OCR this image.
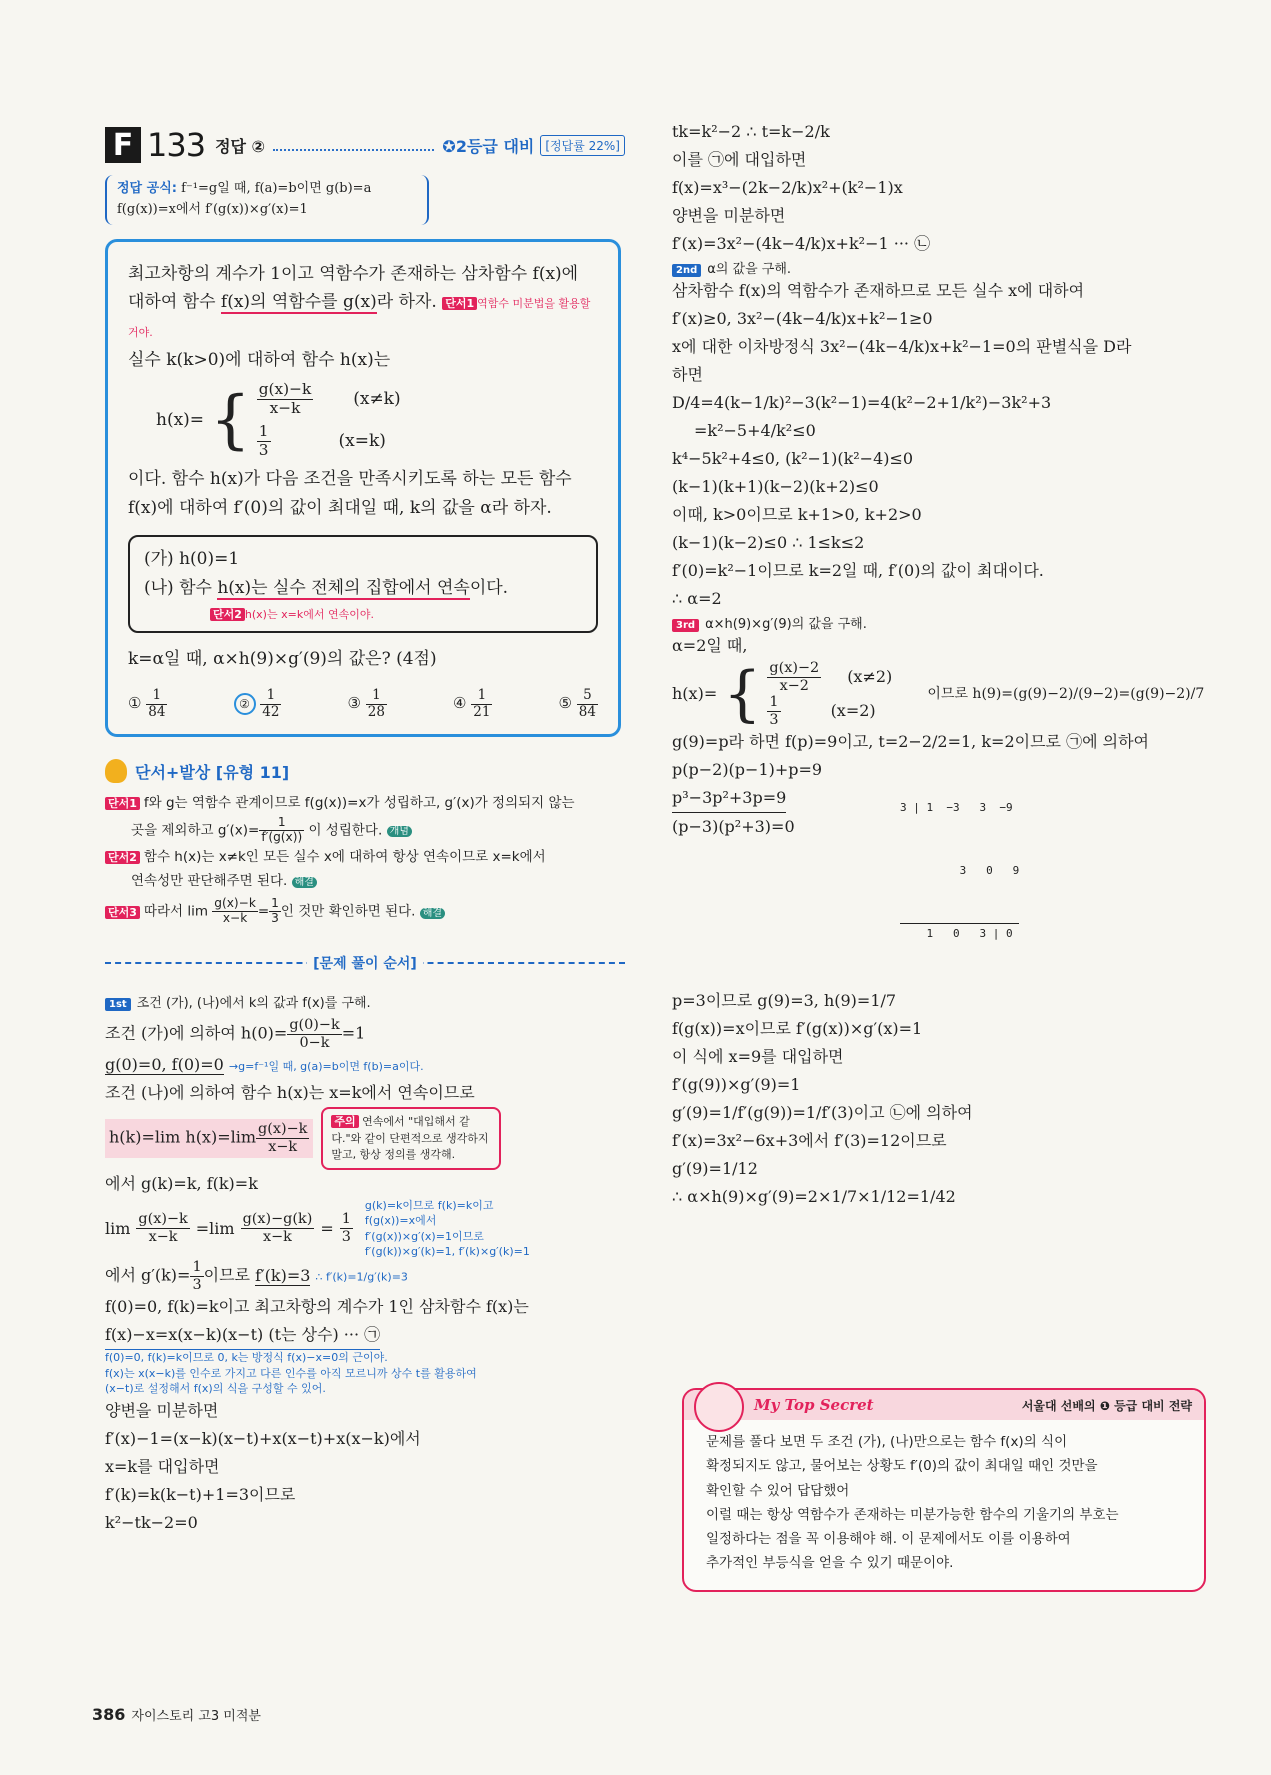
F 133 정답 ②	✪2등급 대비 [정답률 22%]
정답 공식: f⁻¹=g일 때, f(a)=b이면 g(b)=a
f(g(x))=x에서 f′(g(x))×g′(x)=1
최고차항의 계수가 1이고 역함수가 존재하는 삼차함수 f(x)에
대하여 함수 f(x)의 역함수를 g(x)라 하자. 단서1 역함수 미분법을 활용할 거야.
실수 k(k>0)에 대하여 함수 h(x)는
h(x)= { $\frac{g(x)-k}{x-k} (x\ne k)$
$\frac{1}{3}$	(x=k)
이다. 함수 h(x)가 다음 조건을 만족시키도록 하는 모든 함수
f(x)에 대하여 f′(0)의 값이 최대일 때, k의 값을 α라 하자.
(가) h(0)=1
(나) 함수 h(x)는 실수 전체의 집합에서 연속이다.
단서2 h(x)는 x=k에서 연속이야.
k=α일 때, α×h(9)×g′(9)의 값은? (4점)
① $\frac{1}{84}$	② $\frac{1}{42}$	③ $\frac{1}{28}$	④ $\frac{1}{21}$	⑤ $\frac{5}{84}$
단서+발상 [유형 11]
단서1 f와 g는 역함수 관계이므로 f(g(x))=x가 성립하고, g′(x)가 정의되지 않는
곳을 제외하고 $g'(x)= \frac{1}{f'(g(x))}$ 이 성립한다. 개념
단서2 함수 h(x)는 x≠k인 모든 실수 x에 대하여 항상 연속이므로 x=k에서
연속성만 판단해주면 된다. 해결
단서3 따라서 $\lim \frac{g(x)-k}{x-k} = \frac{1}{3}$ 인 것만 확인하면 된다. 해결
[문제 풀이 순서]
1st 조건 (가), (나)에서 k의 값과 f(x)를 구해.
조건 (가)에 의하여 $h(0)= \frac{g(0)-k}{0-k} =1$
g(0)=0, f(0)=0 →g=f⁻¹일 때, g(a)=b이면 f(b)=a이다.
조건 (나)에 의하여 함수 h(x)는 x=k에서 연속이므로
h(k)=lim $h(x)=\lim \frac{g(x)-k}{x-k}$	주의 연속에서 "대입해서 같다."와 같이 단편적으로 생각하지 말고, 항상 정의를 생각해.
에서 g(k)=k, f(k)=k
$\lim \frac{g(x)-k}{x-k} =\lim \frac{g(x)-g(k)}{x-k} = \frac{1}{3}$
g(k)=k이므로 f(k)=k이고
f(g(x))=x에서
f′(g(x))×g′(x)=1이므로
f′(g(k))×g′(k)=1, f′(k)×g′(k)=1
에서 $g'(k)= \frac{1}{3}$ 이므로 f′(k)=3 ∴ f′(k)=1/g′(k)=3
f(0)=0, f(k)=k이고 최고차항의 계수가 1인 삼차함수 f(x)는
f(x)−x=x(x−k)(x−t) (t는 상수) ··· ㉠
f(0)=0, f(k)=k이므로 0, k는 방정식 f(x)−x=0의 근이야.
f(x)는 x(x−k)를 인수로 가지고 다른 인수를 아직 모르니까 상수 t를 활용하여
(x−t)로 설정해서 f(x)의 식을 구성할 수 있어.
양변을 미분하면
f′(x)−1=(x−k)(x−t)+x(x−t)+x(x−k)에서
x=k를 대입하면
f′(k)=k(k−t)+1=3이므로
k²−tk−2=0
tk=k²−2 ∴ t=k−2/k
이를 ㉠에 대입하면
f(x)=x³−(2k−2/k)x²+(k²−1)x
양변을 미분하면
f′(x)=3x²−(4k−4/k)x+k²−1 ··· ㉡
2nd α의 값을 구해.
삼차함수 f(x)의 역함수가 존재하므로 모든 실수 x에 대하여
f′(x)≥0, 3x²−(4k−4/k)x+k²−1≥0
x에 대한 이차방정식 3x²−(4k−4/k)x+k²−1=0의 판별식을 D라
하면
D/4=4(k−1/k)²−3(k²−1)=4(k²−2+1/k²)−3k²+3
=k²−5+4/k²≤0
k⁴−5k²+4≤0, (k²−1)(k²−4)≤0
(k−1)(k+1)(k−2)(k+2)≤0
이때, k>0이므로 k+1>0, k+2>0
(k−1)(k−2)≤0 ∴ 1≤k≤2
f′(0)=k²−1이므로 k=2일 때, f′(0)의 값이 최대이다.
∴ α=2
3rd α×h(9)×g′(9)의 값을 구해.
α=2일 때,
h(x)= { $\frac{g(x)-2}{x-2} (x\ne 2)$
$\frac{1}{3}$	(x=2)
이므로 h(9)=(g(9)−2)/(9−2)=(g(9)−2)/7
g(9)=p라 하면 f(p)=9이고, t=2−2/2=1, k=2이므로 ㉠에 의하여
p(p−2)(p−1)+p=9
p³−3p²+3p=9
(p−3)(p²+3)=0

3 | 1  −3   3  −9

3   0   9

1   0   3 | 0

p=3이므로 g(9)=3, h(9)=1/7
f(g(x))=x이므로 f′(g(x))×g′(x)=1
이 식에 x=9를 대입하면
f′(g(9))×g′(9)=1
g′(9)=1/f′(g(9))=1/f′(3)이고 ㉡에 의하여
f′(x)=3x²−6x+3에서 f′(3)=12이므로
g′(9)=1/12
∴ α×h(9)×g′(9)=2×1/7×1/12=1/42
My Top Secret	서울대 선배의 ❶ 등급 대비 전략
문제를 풀다 보면 두 조건 (가), (나)만으로는 함수 f(x)의 식이
확정되지도 않고, 물어보는 상황도 f′(0)의 값이 최대일 때인 것만을
확인할 수 있어 답답했어
이럴 때는 항상 역함수가 존재하는 미분가능한 함수의 기울기의 부호는
일정하다는 점을 꼭 이용해야 해. 이 문제에서도 이를 이용하여
추가적인 부등식을 얻을 수 있기 때문이야.
386 자이스토리 고3 미적분
